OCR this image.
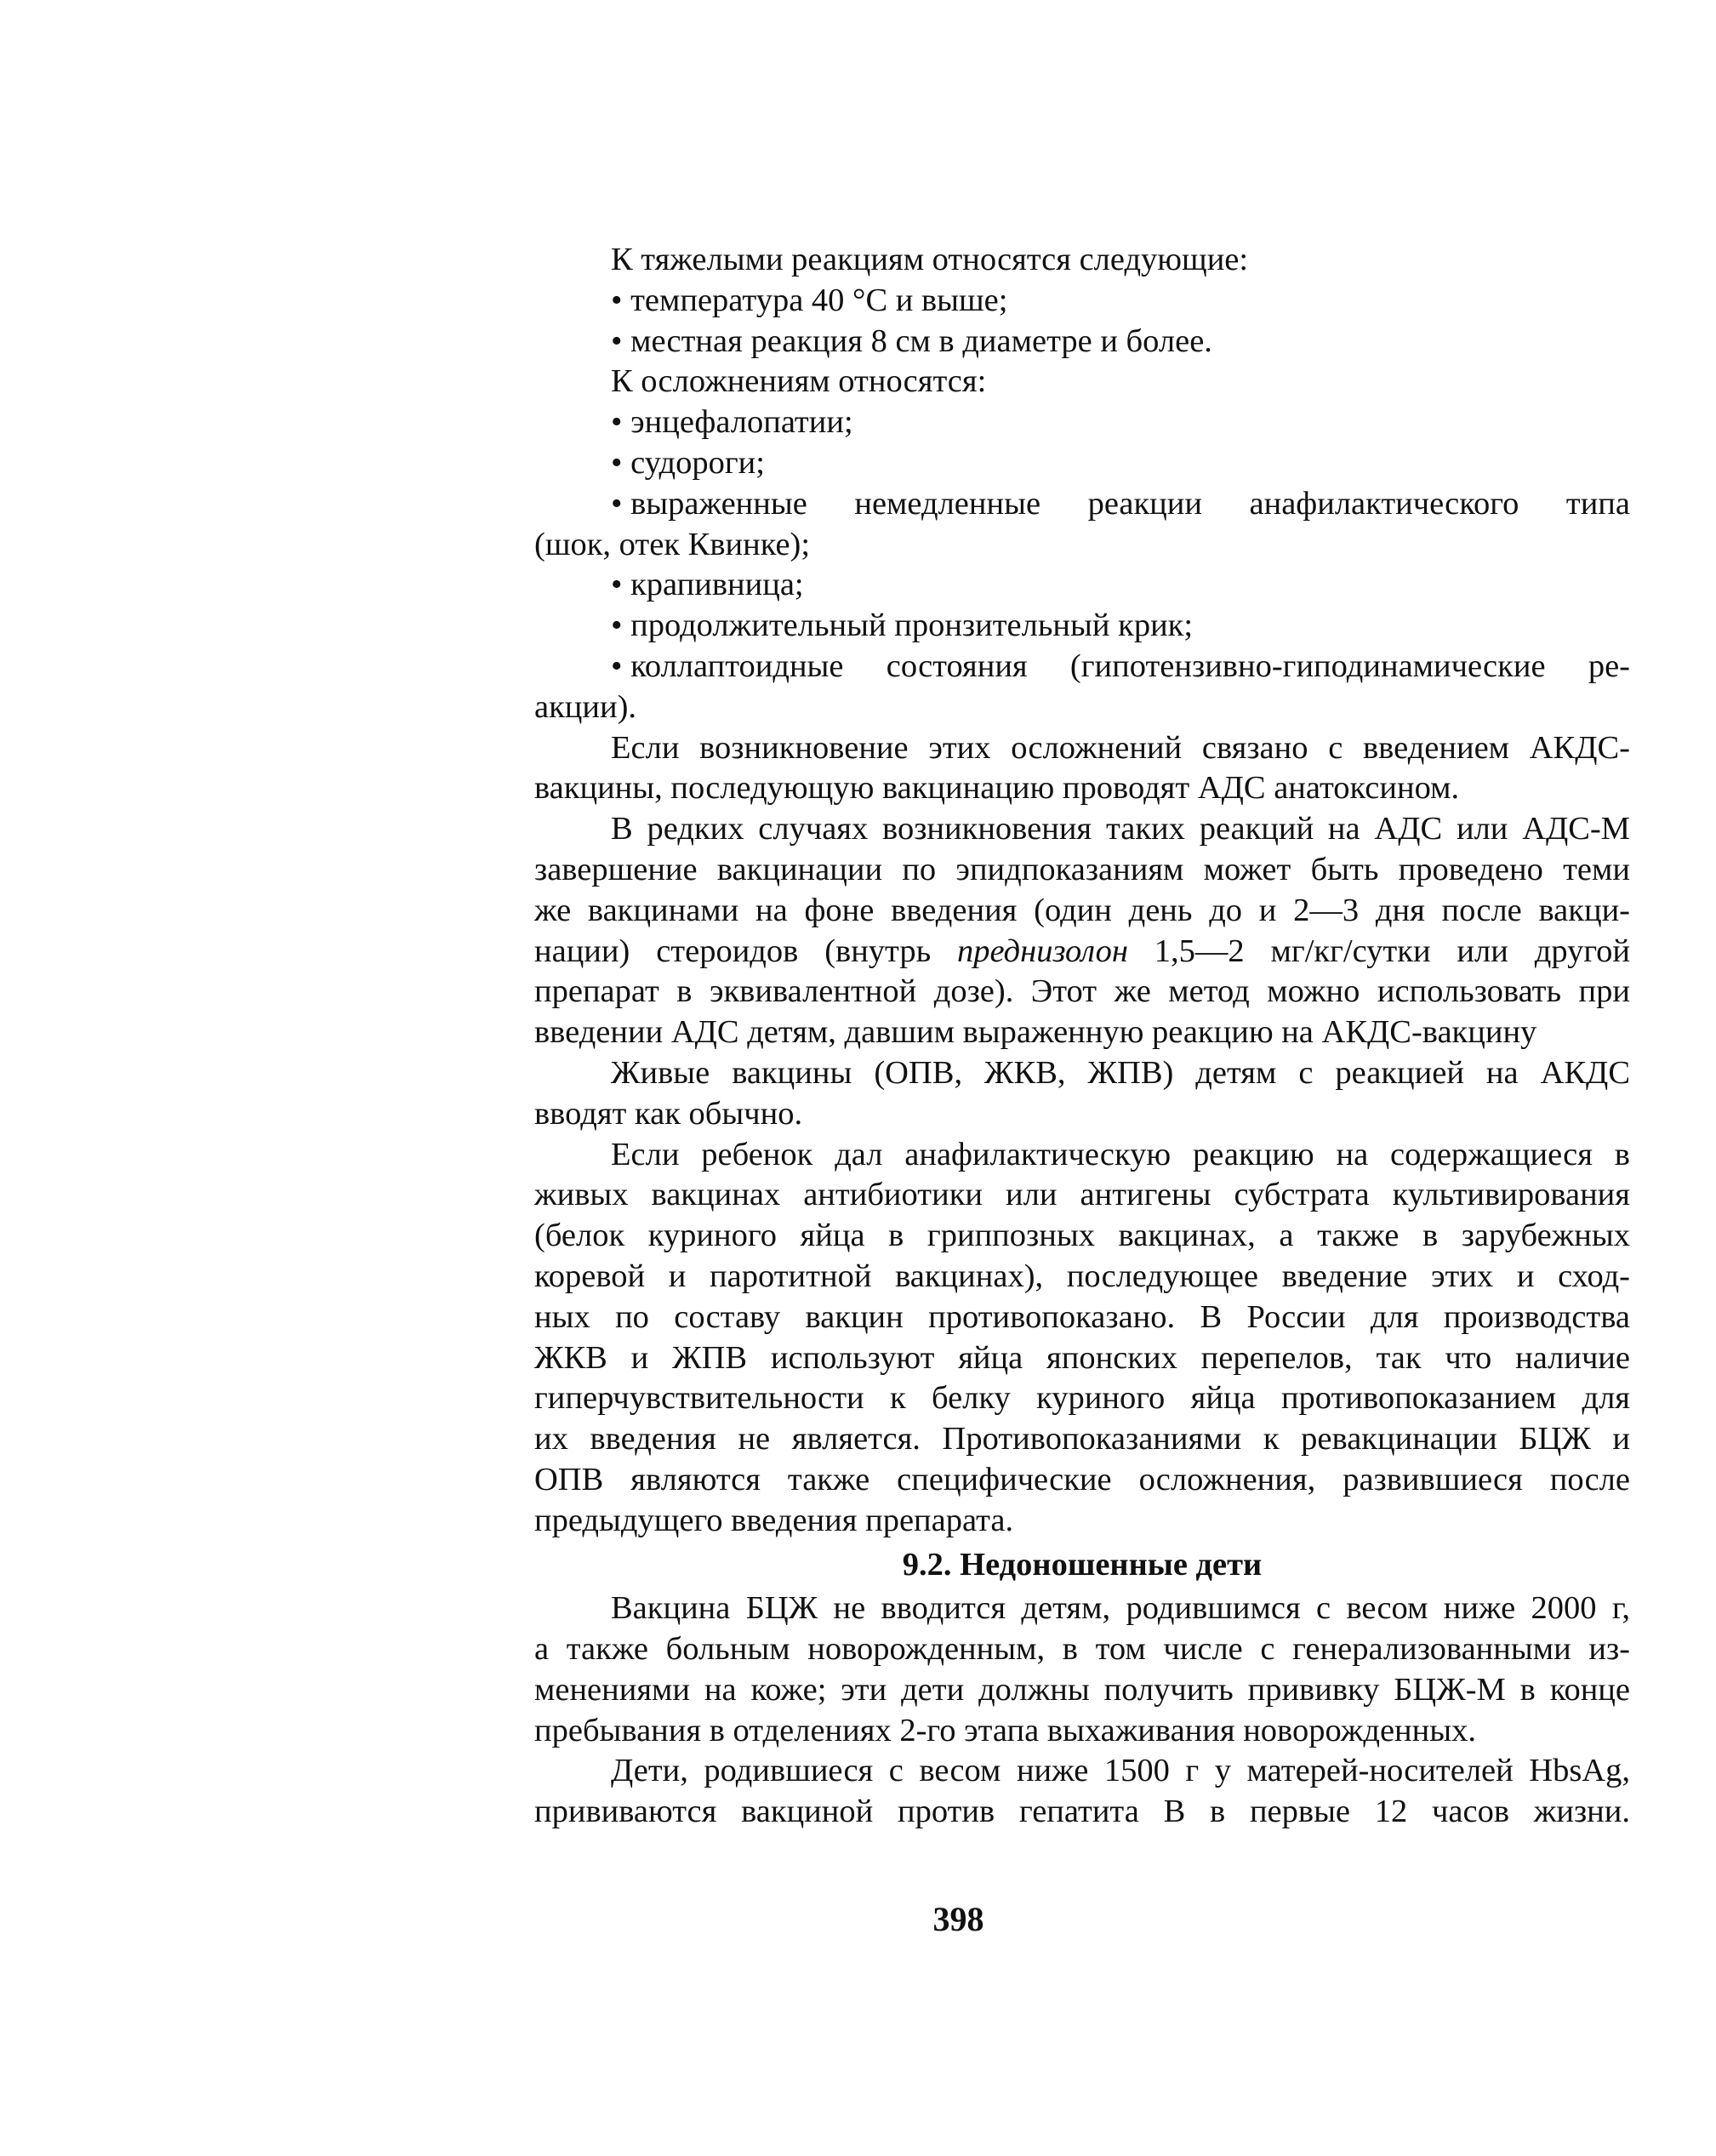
К тяжелыми реакциям относятся следующие:
• температура 40 °С и выше;
• местная реакция 8 см в диаметре и более.
К осложнениям относятся:
• энцефалопатии;
• судороги;
• выраженные немедленные реакции анафилактического типа
(шок, отек Квинке);
• крапивница;
• продолжительный пронзительный крик;
• коллаптоидные состояния (гипотензивно-гиподинамические ре-
акции).
Если возникновение этих осложнений связано с введением АКДС-
вакцины, последующую вакцинацию проводят АДС анатоксином.
В редких случаях возникновения таких реакций на АДС или АДС-М
завершение вакцинации по эпидпоказаниям может быть проведено теми
же вакцинами на фоне введения (один день до и 2—3 дня после вакци-
нации) стероидов (внутрь преднизолон 1,5—2 мг/кг/сутки или другой
препарат в эквивалентной дозе). Этот же метод можно использовать при
введении АДС детям, давшим выраженную реакцию на АКДС-вакцину
Живые вакцины (ОПВ, ЖКВ, ЖПВ) детям с реакцией на АКДС
вводят как обычно.
Если ребенок дал анафилактическую реакцию на содержащиеся в
живых вакцинах антибиотики или антигены субстрата культивирования
(белок куриного яйца в гриппозных вакцинах, а также в зарубежных
коревой и паротитной вакцинах), последующее введение этих и сход-
ных по составу вакцин противопоказано. В России для производства
ЖКВ и ЖПВ используют яйца японских перепелов, так что наличие
гиперчувствительности к белку куриного яйца противопоказанием для
их введения не является. Противопоказаниями к ревакцинации БЦЖ и
ОПВ являются также специфические осложнения, развившиеся после
предыдущего введения препарата.
9.2. Недоношенные дети
Вакцина БЦЖ не вводится детям, родившимся с весом ниже 2000 г,
а также больным новорожденным, в том числе с генерализованными из-
менениями на коже; эти дети должны получить прививку БЦЖ-М в конце
пребывания в отделениях 2-го этапа выхаживания новорожденных.
Дети, родившиеся с весом ниже 1500 г у матерей-носителей HbsAg,
прививаются вакциной против гепатита В в первые 12 часов жизни.
398
